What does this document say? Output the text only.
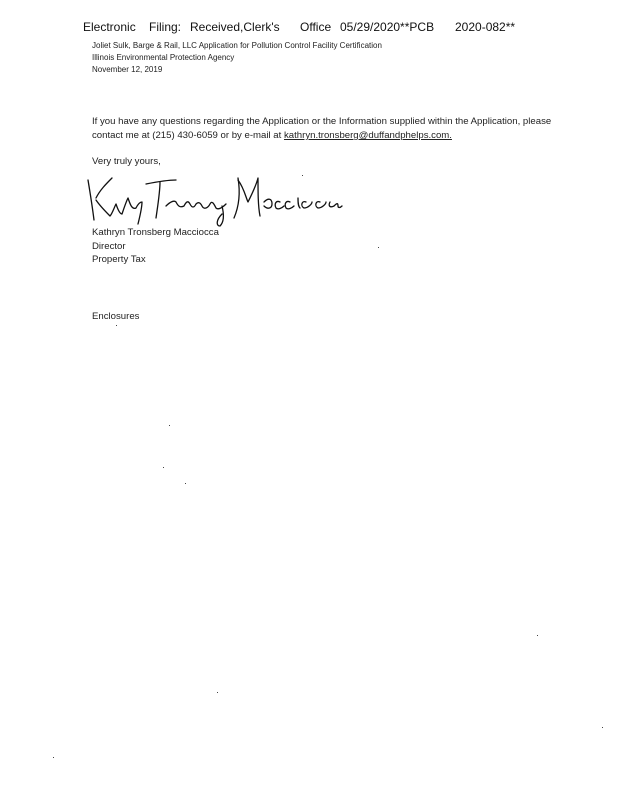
Electronic Filing: Received,Clerk's Office 05/29/2020**PCB 2020-082**
Joliet Sulk, Barge & Rail, LLC Application for Pollution Control Facility Certification
Illinois Environmental Protection Agency
November 12, 2019
If you have any questions regarding the Application or the Information supplied within the Application, please contact me at (215) 430-6059 or by e-mail at kathryn.tronsberg@duffandphelps.com.
Very truly yours,
Kathryn Tronsberg Macciocca
Director
Property Tax
Enclosures
